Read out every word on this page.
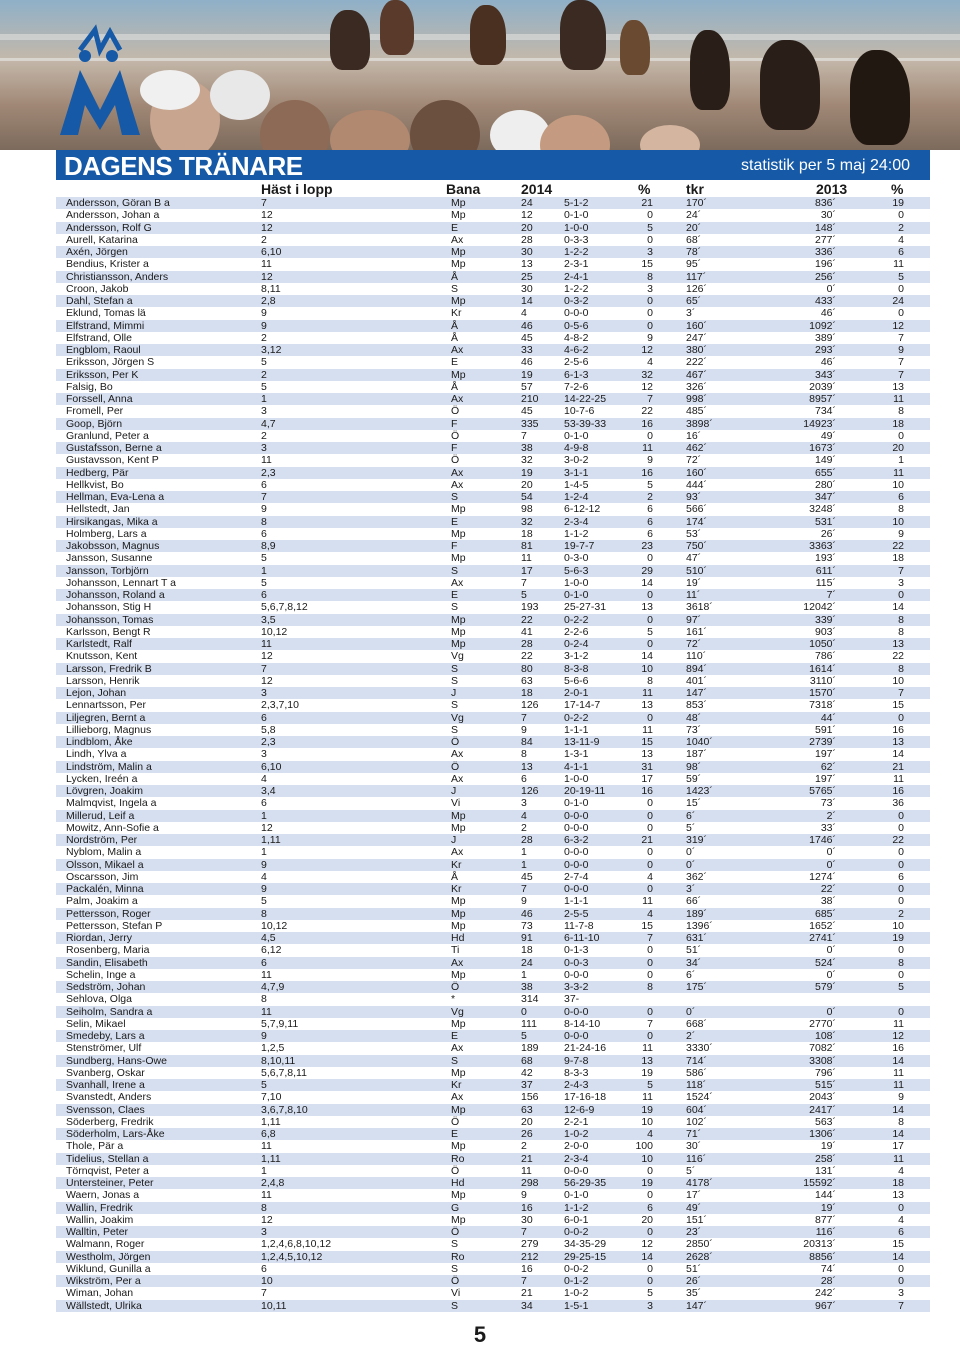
DAGENS TRÄNARE	statistik per 5 maj 24:00
Häst i lopp	Bana	2014	%	tkr	2013	%
Andersson, Göran B a	7	Mp	24	5-1-2	21	170´	836´	19
Andersson, Johan a	12	Mp	12	0-1-0	0	24´	30´	0
Andersson, Rolf G	12	E	20	1-0-0	5	20´	148´	2
Aurell, Katarina	2	Ax	28	0-3-3	0	68´	277´	4
Axén, Jörgen	6,10	Mp	30	1-2-2	3	78´	336´	6
Bendius, Krister a	11	Mp	13	2-3-1	15	95´	196´	11
Christiansson, Anders	12	Å	25	2-4-1	8	117´	256´	5
Croon, Jakob	8,11	S	30	1-2-2	3	126´	0´	0
Dahl, Stefan a	2,8	Mp	14	0-3-2	0	65´	433´	24
Eklund, Tomas lä	9	Kr	4	0-0-0	0	3´	46´	0
Elfstrand, Mimmi	9	Å	46	0-5-6	0	160´	1092´	12
Elfstrand, Olle	2	Å	45	4-8-2	9	247´	389´	7
Engblom, Raoul	3,12	Ax	33	4-6-2	12	380´	293´	9
Eriksson, Jörgen S	5	E	46	2-5-6	4	222´	46´	7
Eriksson, Per K	2	Mp	19	6-1-3	32	467´	343´	7
Falsig, Bo	5	Å	57	7-2-6	12	326´	2039´	13
Forssell, Anna	1	Ax	210 14-22-25	7	998´	8957´	11
Fromell, Per	3	Ö	45	10-7-6	22	485´	734´	8
Goop, Björn	4,7	F	335 53-39-33	16	3898´	14923´	18
Granlund, Peter a	2	Ö	7	0-1-0	0	16´	49´	0
Gustafsson, Berne a	3	F	38	4-9-8	11	462´	1673´	20
Gustavsson, Kent P	11	Ö	32	3-0-2	9	72´	149´	1
Hedberg, Pär	2,3	Ax	19	3-1-1	16	160´	655´	11
Hellkvist, Bo	6	Ax	20	1-4-5	5	444´	280´	10
Hellman, Eva-Lena a	7	S	54	1-2-4	2	93´	347´	6
Hellstedt, Jan	9	Mp	98	6-12-12	6	566´	3248´	8
Hirsikangas, Mika a	8	E	32	2-3-4	6	174´	531´	10
Holmberg, Lars a	6	Mp	18	1-1-2	6	53´	26´	9
Jakobsson, Magnus	8,9	F	81	19-7-7	23	750´	3363´	22
Jansson, Susanne	5	Mp	11	0-3-0	0	47´	193´	18
Jansson, Torbjörn	1	S	17	5-6-3	29	510´	611´	7
Johansson, Lennart T a	5	Ax	7	1-0-0	14	19´	115´	3
Johansson, Roland a	6	E	5	0-1-0	0	11´	7´	0
Johansson, Stig H	5,6,7,8,12	S	193 25-27-31	13	3618´	12042´	14
Johansson, Tomas	3,5	Mp	22	0-2-2	0	97´	339´	8
Karlsson, Bengt R	10,12	Mp	41	2-2-6	5	161´	903´	8
Karlstedt, Ralf	11	Mp	28	0-2-4	0	72´	1050´	13
Knutsson, Kent	12	Vg	22	3-1-2	14	110´	786´	22
Larsson, Fredrik B	7	S	80	8-3-8	10	894´	1614´	8
Larsson, Henrik	12	S	63	5-6-6	8	401´	3110´	10
Lejon, Johan	3	J	18	2-0-1	11	147´	1570´	7
Lennartsson, Per	2,3,7,10	S	126 17-14-7	13	853´	7318´	15
Liljegren, Bernt a	6	Vg	7	0-2-2	0	48´	44´	0
Lillieborg, Magnus	5,8	S	9	1-1-1	11	73´	591´	16
Lindblom, Åke	2,3	Ö	84	13-11-9	15	1040´	2739´	13
Lindh, Ylva a	3	Ax	8	1-3-1	13	187´	197´	14
Lindström, Malin a	6,10	Ö	13	4-1-1	31	98´	62´	21
Lycken, Ireén a	4	Ax	6	1-0-0	17	59´	197´	11
Lövgren, Joakim	3,4	J	126 20-19-11	16	1423´	5765´	16
Malmqvist, Ingela a	6	Vi	3	0-1-0	0	15´	73´	36
Millerud, Leif a	1	Mp	4	0-0-0	0	6´	2´	0
Mowitz, Ann-Sofie a	12	Mp	2	0-0-0	0	5´	33´	0
Nordström, Per	1,11	J	28	6-3-2	21	319´	1746´	22
Nyblom, Malin a	1	Ax	1	0-0-0	0	0´	0´	0
Olsson, Mikael a	9	Kr	1	0-0-0	0	0´	0´	0
Oscarsson, Jim	4	Å	45	2-7-4	4	362´	1274´	6
Packalén, Minna	9	Kr	7	0-0-0	0	3´	22´	0
Palm, Joakim a	5	Mp	9	1-1-1	11	66´	38´	0
Pettersson, Roger	8	Mp	46	2-5-5	4	189´	685´	2
Pettersson, Stefan P	10,12	Mp	73	11-7-8	15	1396´	1652´	10
Riordan, Jerry	4,5	Hd	91	6-11-10	7	631´	2741´	19
Rosenberg, Maria	6,12	Ti	18	0-1-3	0	51´	0´	0
Sandin, Elisabeth	6	Ax	24	0-0-3	0	34´	524´	8
Schelin, Inge a	11	Mp	1	0-0-0	0	6´	0´	0
Sedström, Johan	4,7,9	Ö	38	3-3-2	8	175´	579´	5
Sehlova, Olga	8	*	314 37-
Seiholm, Sandra a	11	Vg	0	0-0-0	0	0´	0´	0
Selin, Mikael	5,7,9,11	Mp	111	8-14-10	7	668´	2770´	11
Smedeby, Lars a	9	E	5	0-0-0	0	2´	108´	12
Stenströmer, Ulf	1,2,5	Ax	189 21-24-16	11	3330´	7082´	16
Sundberg, Hans-Owe	8,10,11	S	68	9-7-8	13	714´	3308´	14
Svanberg, Oskar	5,6,7,8,11	Mp	42	8-3-3	19	586´	796´	11
Svanhall, Irene a	5	Kr	37	2-4-3	5	118´	515´	11
Svanstedt, Anders	7,10	Ax	156 17-16-18	11	1524´	2043´	9
Svensson, Claes	3,6,7,8,10	Mp	63	12-6-9	19	604´	2417´	14
Söderberg, Fredrik	1,11	Ö	20	2-2-1	10	102´	563´	8
Söderholm, Lars-Åke	6,8	E	26	1-0-2	4	71´	1306´	14
Thole, Pär a	11	Mp	2	2-0-0	100	30´	19´	17
Tidelius, Stellan a	1,11	Ro	21	2-3-4	10	116´	258´	11
Törnqvist, Peter a	1	Ö	11	0-0-0	0	5´	131´	4
Untersteiner, Peter	2,4,8	Hd	298 56-29-35	19	4178´	15592´	18
Waern, Jonas a	11	Mp	9	0-1-0	0	17´	144´	13
Wallin, Fredrik	8	G	16	1-1-2	6	49´	19´	0
Wallin, Joakim	12	Mp	30	6-0-1	20	151´	877´	4
Walltin, Peter	3	Ö	7	0-0-2	0	23´	116´	6
Walmann, Roger	1,2,4,6,8,10,12	S	279 34-35-29	12	2850´	20313´	15
Westholm, Jörgen	1,2,4,5,10,12	Ro	212 29-25-15	14	2628´	8856´	14
Wiklund, Gunilla a	6	S	16	0-0-2	0	51´	74´	0
Wikström, Per a	10	Ö	7	0-1-2	0	26´	28´	0
Wiman, Johan	7	Vi	21	1-0-2	5	35´	242´	3
Wällstedt, Ulrika	10,11	S	34	1-5-1	3	147´	967´	7
5
